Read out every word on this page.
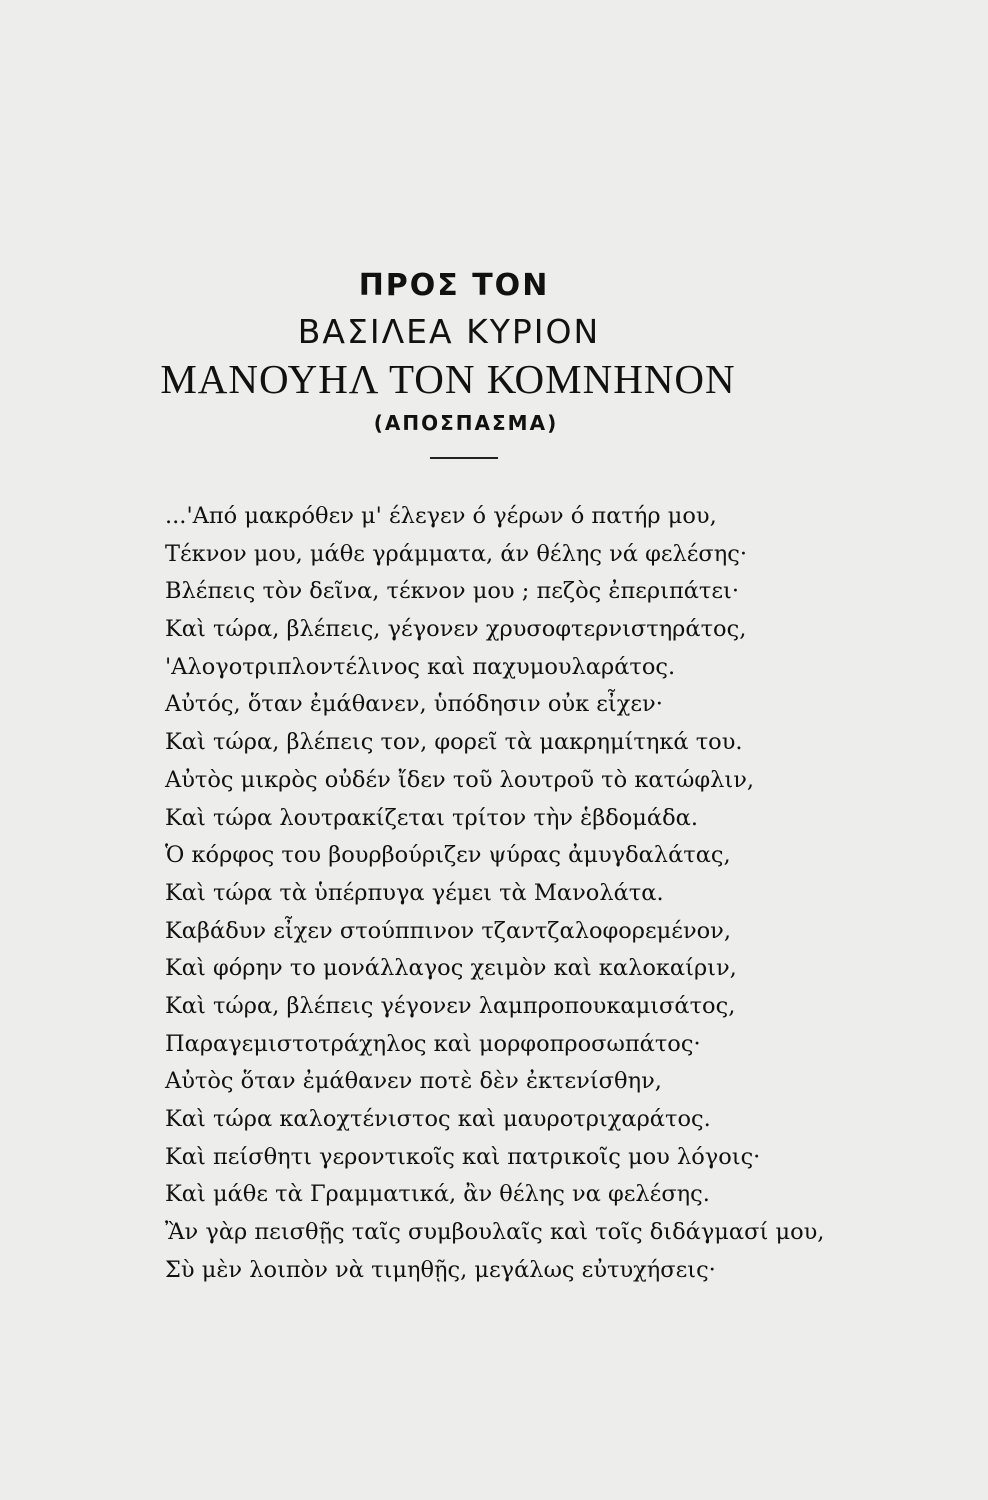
ΠΡΟΣ ΤΟΝ
ΒΑΣΙΛΕΑ ΚΥΡΙΟΝ
ΜΑΝΟΥΗΛ ΤΟΝ ΚΟΜΝΗΝΟΝ
(ΑΠΟΣΠΑΣΜΑ)
...'Από μακρόθεν μ' έλεγεν ό γέρων ό πατήρ μου,
Τέκνον μου, μάθε γράμματα, άν θέλης νά φελέσης·
Βλέπεις τὸν δεῖνα, τέκνον μου ; πεζὸς ἐπεριπάτει·
Καὶ τώρα, βλέπεις, γέγονεν χρυσοφτερνιστηράτος,
'Αλογοτριπλοντέλινος καὶ παχυμουλαράτος.
Αὐτός, ὅταν ἐμάθανεν, ὑπόδησιν οὐκ εἶχεν·
Καὶ τώρα, βλέπεις τον, φορεῖ τὰ μακρημίτηκά του.
Αὐτὸς μικρὸς οὐδέν ἴδεν τοῦ λουτροῦ τὸ κατώφλιν,
Καὶ τώρα λουτρακίζεται τρίτον τὴν ἑβδομάδα.
Ὁ κόρφος του βουρβούριζεν ψύρας ἀμυγδαλάτας,
Καὶ τώρα τὰ ὑπέρπυγα γέμει τὰ Μανολάτα.
Καβάδυν εἶχεν στούππινον τζαντζαλοφορεμένον,
Καὶ φόρην το μονάλλαγος χειμὸν καὶ καλοκαίριν,
Καὶ τώρα, βλέπεις γέγονεν λαμπροπουκαμισάτος,
Παραγεμιστοτράχηλος καὶ μορφοπροσωπάτος·
Αὐτὸς ὅταν ἐμάθανεν ποτὲ δὲν ἐκτενίσθην,
Καὶ τώρα καλοχτένιστος καὶ μαυροτριχαράτος.
Καὶ πείσθητι γεροντικοῖς καὶ πατρικοῖς μου λόγοις·
Καὶ μάθε τὰ Γραμματικά, ἂν θέλης να φελέσης.
Ἂν γὰρ πεισθῇς ταῖς συμβουλαῖς καὶ τοῖς διδάγμασί μου,
Σὺ μὲν λοιπὸν νὰ τιμηθῇς, μεγάλως εὐτυχήσεις·
